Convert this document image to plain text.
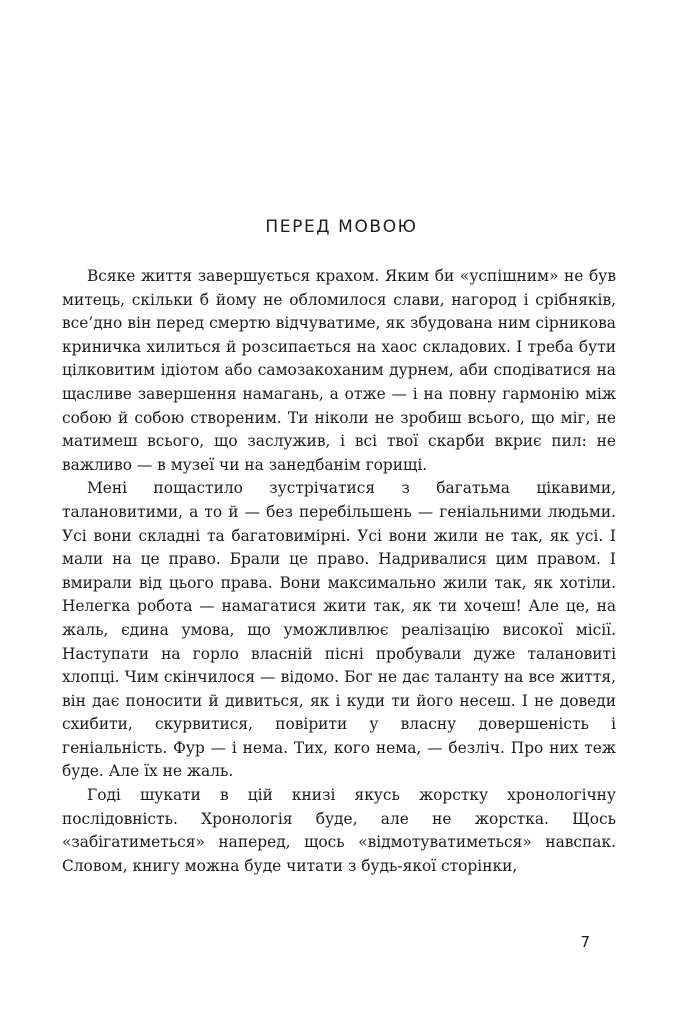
ПЕРЕД МОВОЮ

Всяке життя завершується крахом. Яким би «успішним» не був митець, скільки б йому не обломилося слави, нагород і срібняків, все’дно він перед смертю відчуватиме, як збудована ним сірникова криничка хилиться й розсипається на хаос складових. І треба бути цілковитим ідіотом або самозакоханим дурнем, аби сподіватися на щасливе завершення намагань, а отже — і на повну гармонію між собою й собою створеним. Ти ніколи не зробиш всього, що міг, не матимеш всього, що заслужив, і всі твої скарби вкриє пил: не важливо — в музеї чи на занедбанім горищі.

Мені пощастило зустрічатися з багатьма цікавими, талановитими, а то й — без перебільшень — геніальними людьми. Усі вони складні та багатовимірні. Усі вони жили не так, як усі. І мали на це право. Брали це право. Надривалися цим правом. І вмирали від цього права. Вони максимально жили так, як хотіли. Нелегка робота — намагатися жити так, як ти хочеш! Але це, на жаль, єдина умова, що уможливлює реалізацію високої місії. Наступати на горло власній пісні пробували дуже талановиті хлопці. Чим скінчилося — відомо. Бог не дає таланту на все життя, він дає поносити й дивиться, як і куди ти його несеш. І не доведи схибити, скурвитися, повірити у власну довершеність і геніальність. Фур — і нема. Тих, кого нема, — безліч. Про них теж буде. Але їх не жаль.

Годі шукати в цій книзі якусь жорстку хронологічну послідовність. Хронологія буде, але не жорстка. Щось «забігатиметься» наперед, щось «відмотуватиметься» навспак. Словом, книгу можна буде читати з будь-якої сторінки,

7
